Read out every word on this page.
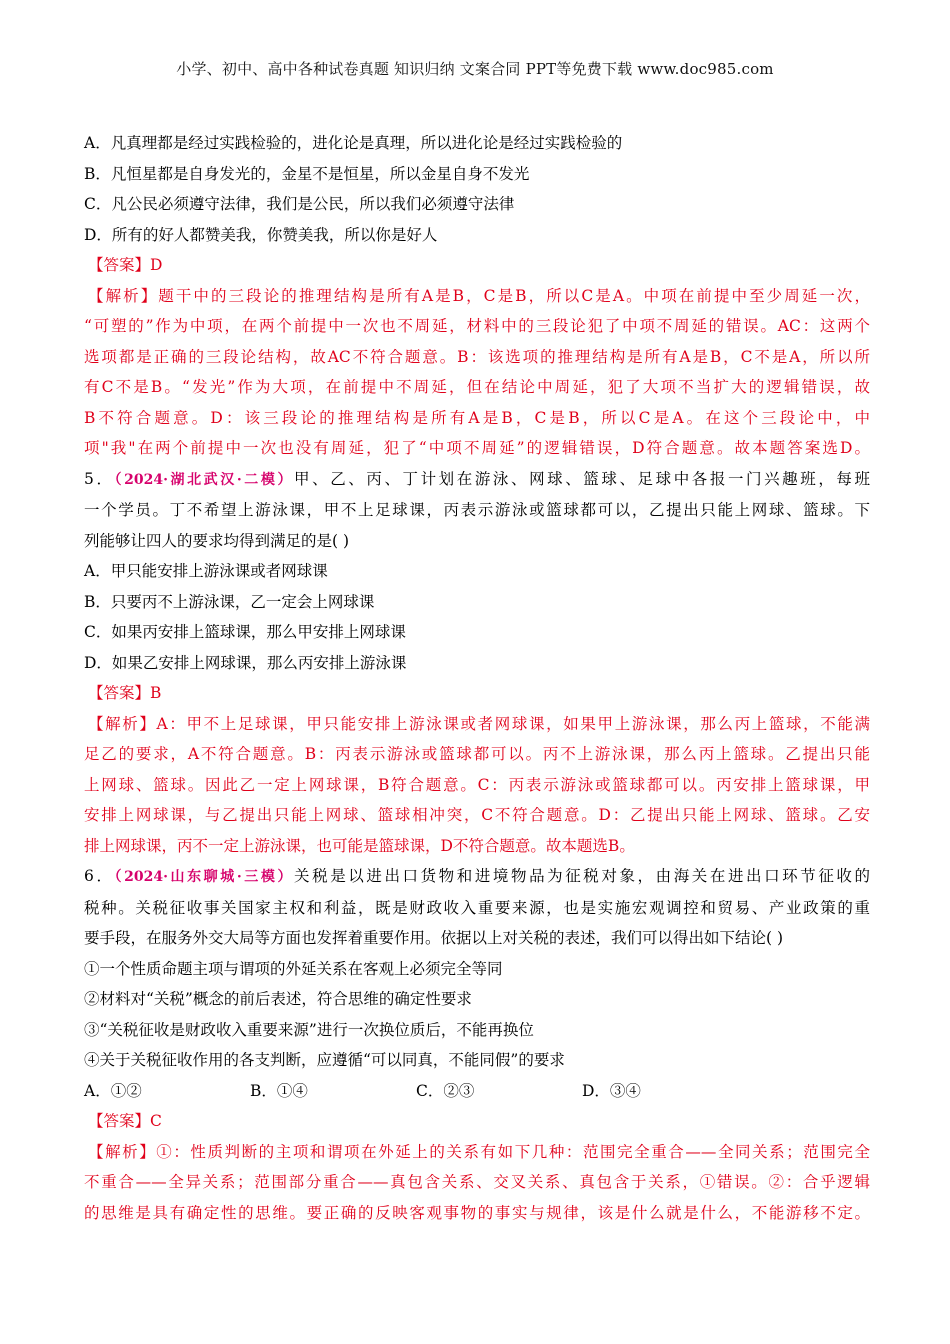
小学、初中、高中各种试卷真题 知识归纳 文案合同 PPT等免费下载 www.doc985.com
A．凡真理都是经过实践检验的，进化论是真理，所以进化论是经过实践检验的
B．凡恒星都是自身发光的，金星不是恒星，所以金星自身不发光
C．凡公民必须遵守法律，我们是公民，所以我们必须遵守法律
D．所有的好人都赞美我，你赞美我，所以你是好人
【答案】D
【解析】题干中的三段论的推理结构是所有A是B，C是B，所以C是A。中项在前提中至少周延一次，
“可塑的”作为中项，在两个前提中一次也不周延，材料中的三段论犯了中项不周延的错误。AC：这两个
选项都是正确的三段论结构，故AC不符合题意。B：该选项的推理结构是所有A是B，C不是A，所以所
有C不是B。“发光”作为大项，在前提中不周延，但在结论中周延，犯了大项不当扩大的逻辑错误，故
B不符合题意。D：该三段论的推理结构是所有A是B，C是B，所以C是A。在这个三段论中，中
项"我"在两个前提中一次也没有周延，犯了“中项不周延”的逻辑错误，D符合题意。故本题答案选D。
5．（2024·湖北武汉·二模）甲、乙、丙、丁计划在游泳、网球、篮球、足球中各报一门兴趣班，每班
一个学员。丁不希望上游泳课，甲不上足球课，丙表示游泳或篮球都可以，乙提出只能上网球、篮球。下
列能够让四人的要求均得到满足的是( )
A．甲只能安排上游泳课或者网球课
B．只要丙不上游泳课，乙一定会上网球课
C．如果丙安排上篮球课，那么甲安排上网球课
D．如果乙安排上网球课，那么丙安排上游泳课
【答案】B
【解析】A：甲不上足球课，甲只能安排上游泳课或者网球课，如果甲上游泳课，那么丙上篮球，不能满
足乙的要求，A不符合题意。B：丙表示游泳或篮球都可以。丙不上游泳课，那么丙上篮球。乙提出只能
上网球、篮球。因此乙一定上网球课，B符合题意。C：丙表示游泳或篮球都可以。丙安排上篮球课，甲
安排上网球课，与乙提出只能上网球、篮球相冲突，C不符合题意。D：乙提出只能上网球、篮球。乙安
排上网球课，丙不一定上游泳课，也可能是篮球课，D不符合题意。故本题选B。
6．（2024·山东聊城·三模）关税是以进出口货物和进境物品为征税对象，由海关在进出口环节征收的
税种。关税征收事关国家主权和利益，既是财政收入重要来源，也是实施宏观调控和贸易、产业政策的重
要手段，在服务外交大局等方面也发挥着重要作用。依据以上对关税的表述，我们可以得出如下结论( )
①一个性质命题主项与谓项的外延关系在客观上必须完全等同
②材料对“关税”概念的前后表述，符合思维的确定性要求
③“关税征收是财政收入重要来源”进行一次换位质后，不能再换位
④关于关税征收作用的各支判断，应遵循“可以同真，不能同假”的要求
A．①②	B．①④	C．②③	D．③④
【答案】C
【解析】①：性质判断的主项和谓项在外延上的关系有如下几种：范围完全重合——全同关系；范围完全
不重合——全异关系；范围部分重合——真包含关系、交叉关系、真包含于关系，①错误。②：合乎逻辑
的思维是具有确定性的思维。要正确的反映客观事物的事实与规律，该是什么就是什么，不能游移不定。
